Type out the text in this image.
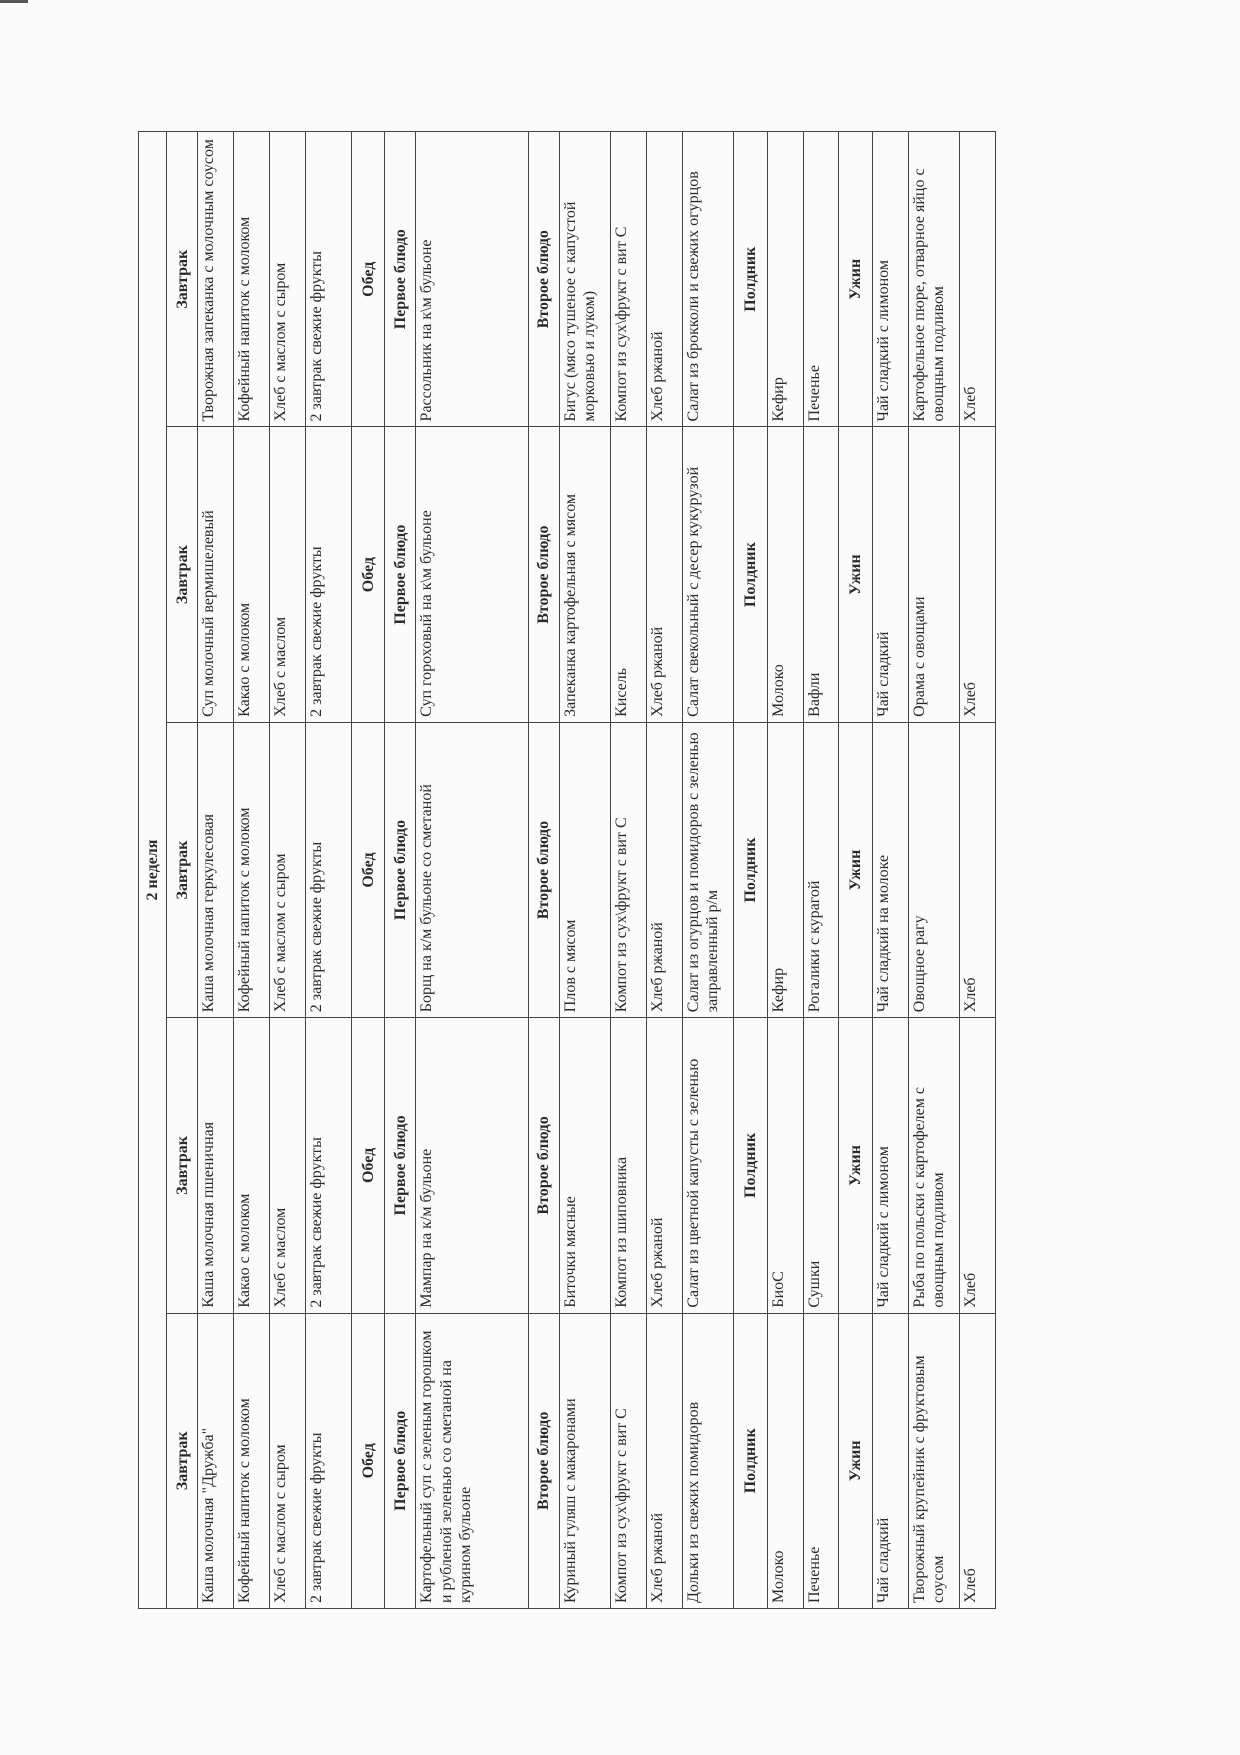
2 неделя				
Завтрак	Завтрак	Завтрак	Завтрак	Завтрак
Каша молочная "Дружба"	Каша молочная пшеничная	Каша молочная геркулесовая	Суп молочный вермишелевый	Творожная запеканка с молочным соусом
Кофейный напиток с молоком	Какао с молоком	Кофейный напиток с молоком	Какао с молоком	Кофейный напиток с молоком
Хлеб с маслом с сыром	Хлеб с маслом	Хлеб с маслом с сыром	Хлеб с маслом	Хлеб с маслом с сыром
2 завтрак свежие фрукты	2 завтрак свежие фрукты	2 завтрак свежие фрукты	2 завтрак свежие фрукты	2 завтрак свежие фрукты
Обед	Обед	Обед	Обед	Обед
Первое блюдо	Первое блюдо	Первое блюдо	Первое блюдо	Первое блюдо
Картофельный суп с зеленым горошком и рубленой зеленью со сметаной на курином бульоне	Мампар на к/м бульоне	Борщ на к/м бульоне со сметаной	Суп гороховый на к\м бульоне	Рассольник на к\м бульоне
Второе блюдо	Второе блюдо	Второе блюдо	Второе блюдо	Второе блюдо
Куриный гуляш с макаронами	Биточки мясные	Плов с мясом	Запеканка картофельная с мясом	Бигус (мясо тушеное с капустой морковью и луком)
Компот из сух\фрукт с вит С	Компот из шиповника	Компот из сух\фрукт с вит С	Кисель	Компот из сух\фрукт с вит С
Хлеб ржаной	Хлеб ржаной	Хлеб ржаной	Хлеб ржаной	Хлеб ржаной
Дольки из свежих помидоров	Салат из цветной капусты с зеленью	Салат из огурцов и помидоров с зеленью заправленный р/м	Салат свекольный с десер кукурузой	Салат из брокколи и свежих огурцов
Полдник	Полдник	Полдник	Полдник	Полдник
Молоко	БиоС	Кефир	Молоко	Кефир
Печенье	Сушки	Рогалики с курагой	Вафли	Печенье
Ужин	Ужин	Ужин	Ужин	Ужин
Чай сладкий	Чай сладкий с лимоном	Чай сладкий на молоке	Чай сладкий	Чай сладкий с лимоном
Творожный крупейник с фруктовым соусом	Рыба по польски с картофелем с овощным подливом	Овощное рагу	Орама с овощами	Картофельное пюре, отварное яйцо с овощным подливом
Хлеб	Хлеб	Хлеб	Хлеб	Хлеб
